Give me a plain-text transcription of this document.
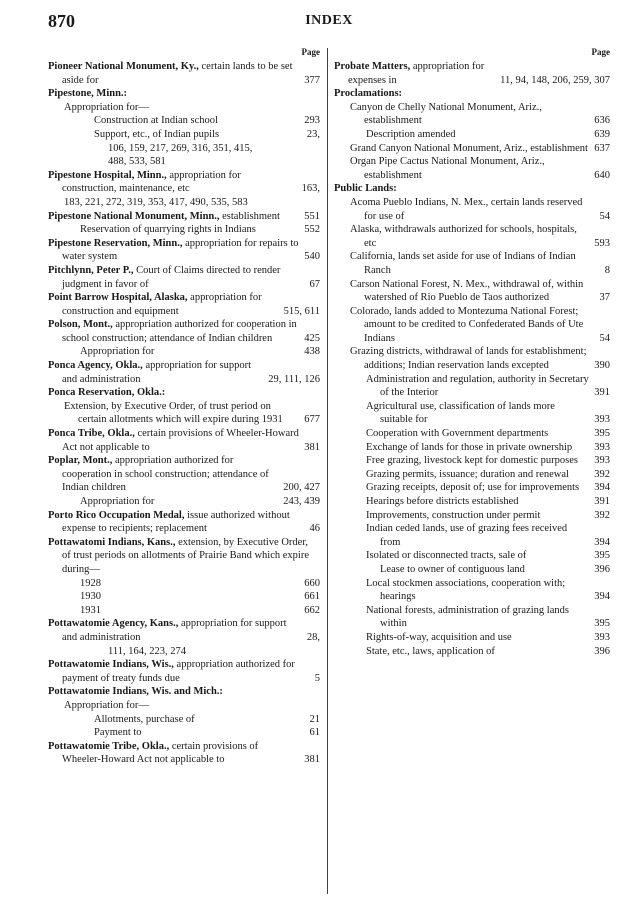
870	INDEX
Page
Pioneer National Monument, Ky., certain lands to be set aside for	377
Pipestone, Minn.:
Appropriation for—
Construction at Indian school	293
Support, etc., of Indian pupils	23,
106, 159, 217, 269, 316, 351, 415,
488, 533, 581
Pipestone Hospital, Minn., appropriation for construction, maintenance, etc	163,
183, 221, 272, 319, 353, 417, 490, 535, 583
Pipestone National Monument, Minn., establishment	551
Reservation of quarrying rights in Indians	552
Pipestone Reservation, Minn., appropriation for repairs to water system	540
Pitchlynn, Peter P., Court of Claims directed to render judgment in favor of	67
Point Barrow Hospital, Alaska, appropriation for construction and equipment	515, 611
Polson, Mont., appropriation authorized for cooperation in school construction; attendance of Indian children	425
Appropriation for	438
Ponca Agency, Okla., appropriation for support and administration	29, 111, 126
Ponca Reservation, Okla.:
Extension, by Executive Order, of trust period on certain allotments which will expire during 1931	677
Ponca Tribe, Okla., certain provisions of Wheeler-Howard Act not applicable to	381
Poplar, Mont., appropriation authorized for cooperation in school construction; attendance of Indian children	200, 427
Appropriation for	243, 439
Porto Rico Occupation Medal, issue authorized without expense to recipients; replacement	46
Pottawatomi Indians, Kans., extension, by Executive Order, of trust periods on allotments of Prairie Band which expire during—
1928	660
1930	661
1931	662
Pottawatomie Agency, Kans., appropriation for support and administration	28,
111, 164, 223, 274
Pottawatomie Indians, Wis., appropriation authorized for payment of treaty funds due	5
Pottawatomie Indians, Wis. and Mich.:
Appropriation for—
Allotments, purchase of	21
Payment to	61
Pottawatomie Tribe, Okla., certain provisions of Wheeler-Howard Act not applicable to	381
Page
Probate Matters, appropriation for expenses in	11, 94, 148, 206, 259, 307
Proclamations:
Canyon de Chelly National Monument, Ariz., establishment	636
Description amended	639
Grand Canyon National Monument, Ariz., establishment 637
Organ Pipe Cactus National Monument, Ariz., establishment	640
Public Lands:
Acoma Pueblo Indians, N. Mex., certain lands reserved for use of	54
Alaska, withdrawals authorized for schools, hospitals, etc	593
California, lands set aside for use of Indians of Indian Ranch	8
Carson National Forest, N. Mex., withdrawal of, within watershed of Rio Pueblo de Taos authorized	37
Colorado, lands added to Montezuma National Forest; amount to be credited to Confederated Bands of Ute Indians	54
Grazing districts, withdrawal of lands for establishment; additions; Indian reservation lands excepted	390
Administration and regulation, authority in Secretary of the Interior	391
Agricultural use, classification of lands more suitable for	393
Cooperation with Government departments	395
Exchange of lands for those in private ownership	393
Free grazing, livestock kept for domestic purposes	393
Grazing permits, issuance; duration and renewal	392
Grazing receipts, deposit of; use for improvements	394
Hearings before districts established	391
Improvements, construction under permit	392
Indian ceded lands, use of grazing fees received from	394
Isolated or disconnected tracts, sale of	395
Lease to owner of contiguous land	396
Local stockmen associations, cooperation with; hearings	394
National forests, administration of grazing lands within	395
Rights-of-way, acquisition and use	393
State, etc., laws, application of	396
